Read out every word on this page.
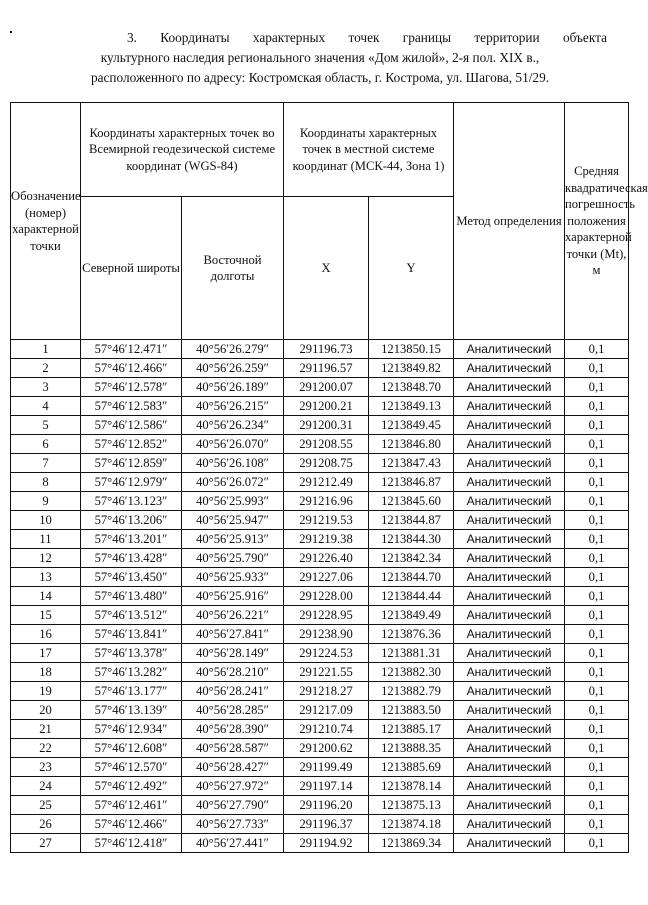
3. Координаты характерных точек границы территории объекта
культурного наследия регионального значения «Дом жилой», 2-я пол. XIX в.,
расположенного по адресу: Костромская область, г. Кострома, ул. Шагова, 51/29.
Обозначение (номер) характерной точки	Координаты характерных точек во Всемирной геодезической системе координат (WGS-84)		Координаты характерных точек в местной системе координат (МСК-44, Зона 1)		Метод определения	Средняя квадратическая погрешность положения характерной точки (Mt), м
	Северной широты	Восточной долготы	X	Y		
1	57°46′12.471″	40°56′26.279″	291196.73	1213850.15	Аналитический	0,1
2	57°46′12.466″	40°56′26.259″	291196.57	1213849.82	Аналитический	0,1
3	57°46′12.578″	40°56′26.189″	291200.07	1213848.70	Аналитический	0,1
4	57°46′12.583″	40°56′26.215″	291200.21	1213849.13	Аналитический	0,1
5	57°46′12.586″	40°56′26.234″	291200.31	1213849.45	Аналитический	0,1
6	57°46′12.852″	40°56′26.070″	291208.55	1213846.80	Аналитический	0,1
7	57°46′12.859″	40°56′26.108″	291208.75	1213847.43	Аналитический	0,1
8	57°46′12.979″	40°56′26.072″	291212.49	1213846.87	Аналитический	0,1
9	57°46′13.123″	40°56′25.993″	291216.96	1213845.60	Аналитический	0,1
10	57°46′13.206″	40°56′25.947″	291219.53	1213844.87	Аналитический	0,1
11	57°46′13.201″	40°56′25.913″	291219.38	1213844.30	Аналитический	0,1
12	57°46′13.428″	40°56′25.790″	291226.40	1213842.34	Аналитический	0,1
13	57°46′13.450″	40°56′25.933″	291227.06	1213844.70	Аналитический	0,1
14	57°46′13.480″	40°56′25.916″	291228.00	1213844.44	Аналитический	0,1
15	57°46′13.512″	40°56′26.221″	291228.95	1213849.49	Аналитический	0,1
16	57°46′13.841″	40°56′27.841″	291238.90	1213876.36	Аналитический	0,1
17	57°46′13.378″	40°56′28.149″	291224.53	1213881.31	Аналитический	0,1
18	57°46′13.282″	40°56′28.210″	291221.55	1213882.30	Аналитический	0,1
19	57°46′13.177″	40°56′28.241″	291218.27	1213882.79	Аналитический	0,1
20	57°46′13.139″	40°56′28.285″	291217.09	1213883.50	Аналитический	0,1
21	57°46′12.934″	40°56′28.390″	291210.74	1213885.17	Аналитический	0,1
22	57°46′12.608″	40°56′28.587″	291200.62	1213888.35	Аналитический	0,1
23	57°46′12.570″	40°56′28.427″	291199.49	1213885.69	Аналитический	0,1
24	57°46′12.492″	40°56′27.972″	291197.14	1213878.14	Аналитический	0,1
25	57°46′12.461″	40°56′27.790″	291196.20	1213875.13	Аналитический	0,1
26	57°46′12.466″	40°56′27.733″	291196.37	1213874.18	Аналитический	0,1
27	57°46′12.418″	40°56′27.441″	291194.92	1213869.34	Аналитический	0,1
